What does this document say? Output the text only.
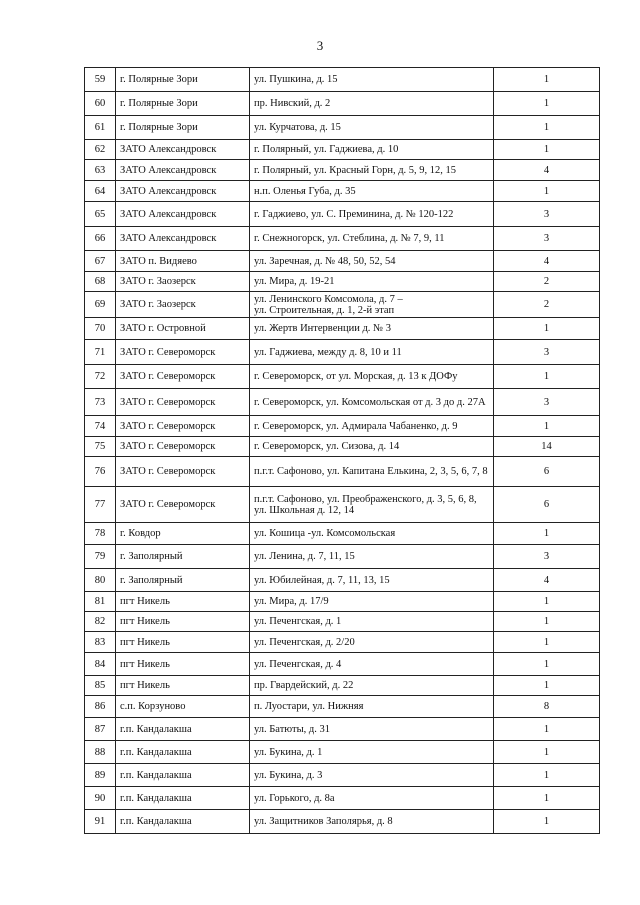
3
59	г. Полярные Зори	ул. Пушкина, д. 15	1
60	г. Полярные Зори	пр. Нивский, д. 2	1
61	г. Полярные Зори	ул. Курчатова, д. 15	1
62	ЗАТО Александровск	г. Полярный, ул. Гаджиева, д. 10	1
63	ЗАТО Александровск	г. Полярный, ул. Красный Горн, д. 5, 9, 12, 15	4
64	ЗАТО Александровск	н.п. Оленья Губа, д. 35	1
65	ЗАТО Александровск	г. Гаджиево, ул. С. Преминина, д. № 120-122	3
66	ЗАТО Александровск	г. Снежногорск, ул. Стеблина, д. № 7, 9, 11	3
67	ЗАТО п. Видяево	ул. Заречная, д. № 48, 50, 52, 54	4
68	ЗАТО г. Заозерск	ул. Мира, д. 19-21	2
69	ЗАТО г. Заозерск	ул. Ленинского Комсомола, д. 7 –
ул. Строительная, д. 1, 2-й этап	2
70	ЗАТО г. Островной	ул. Жертв Интервенции д. № 3	1
71	ЗАТО г. Североморск	ул. Гаджиева, между д. 8, 10 и 11	3
72	ЗАТО г. Североморск	г. Североморск, от ул. Морская, д. 13 к ДОФу	1
73	ЗАТО г. Североморск	г. Североморск, ул. Комсомольская от д. 3 до д. 27А	3
74	ЗАТО г. Североморск	г. Североморск, ул. Адмирала Чабаненко, д. 9	1
75	ЗАТО г. Североморск	г. Североморск, ул. Сизова, д. 14	14
76	ЗАТО г. Североморск	п.г.т. Сафоново, ул. Капитана Елькина, 2, 3, 5, 6, 7, 8	6
77	ЗАТО г. Североморск	п.г.т. Сафоново, ул. Преображенского, д. 3, 5, 6, 8, ул. Школьная д. 12, 14	6
78	г. Ковдор	ул. Кошица -ул. Комсомольская	1
79	г. Заполярный	ул. Ленина, д. 7, 11, 15	3
80	г. Заполярный	ул. Юбилейная, д. 7, 11, 13, 15	4
81	пгт Никель	ул. Мира, д. 17/9	1
82	пгт Никель	ул. Печенгская, д. 1	1
83	пгт Никель	ул. Печенгская, д. 2/20	1
84	пгт Никель	ул. Печенгская, д. 4	1
85	пгт Никель	пр. Гвардейский, д. 22	1
86	с.п. Корзуново	п. Луостари, ул. Нижняя	8
87	г.п. Кандалакша	ул. Батюты, д. 31	1
88	г.п. Кандалакша	ул. Букина, д. 1	1
89	г.п. Кандалакша	ул. Букина, д. 3	1
90	г.п. Кандалакша	ул. Горького, д. 8а	1
91	г.п. Кандалакша	ул. Защитников Заполярья, д. 8	1
